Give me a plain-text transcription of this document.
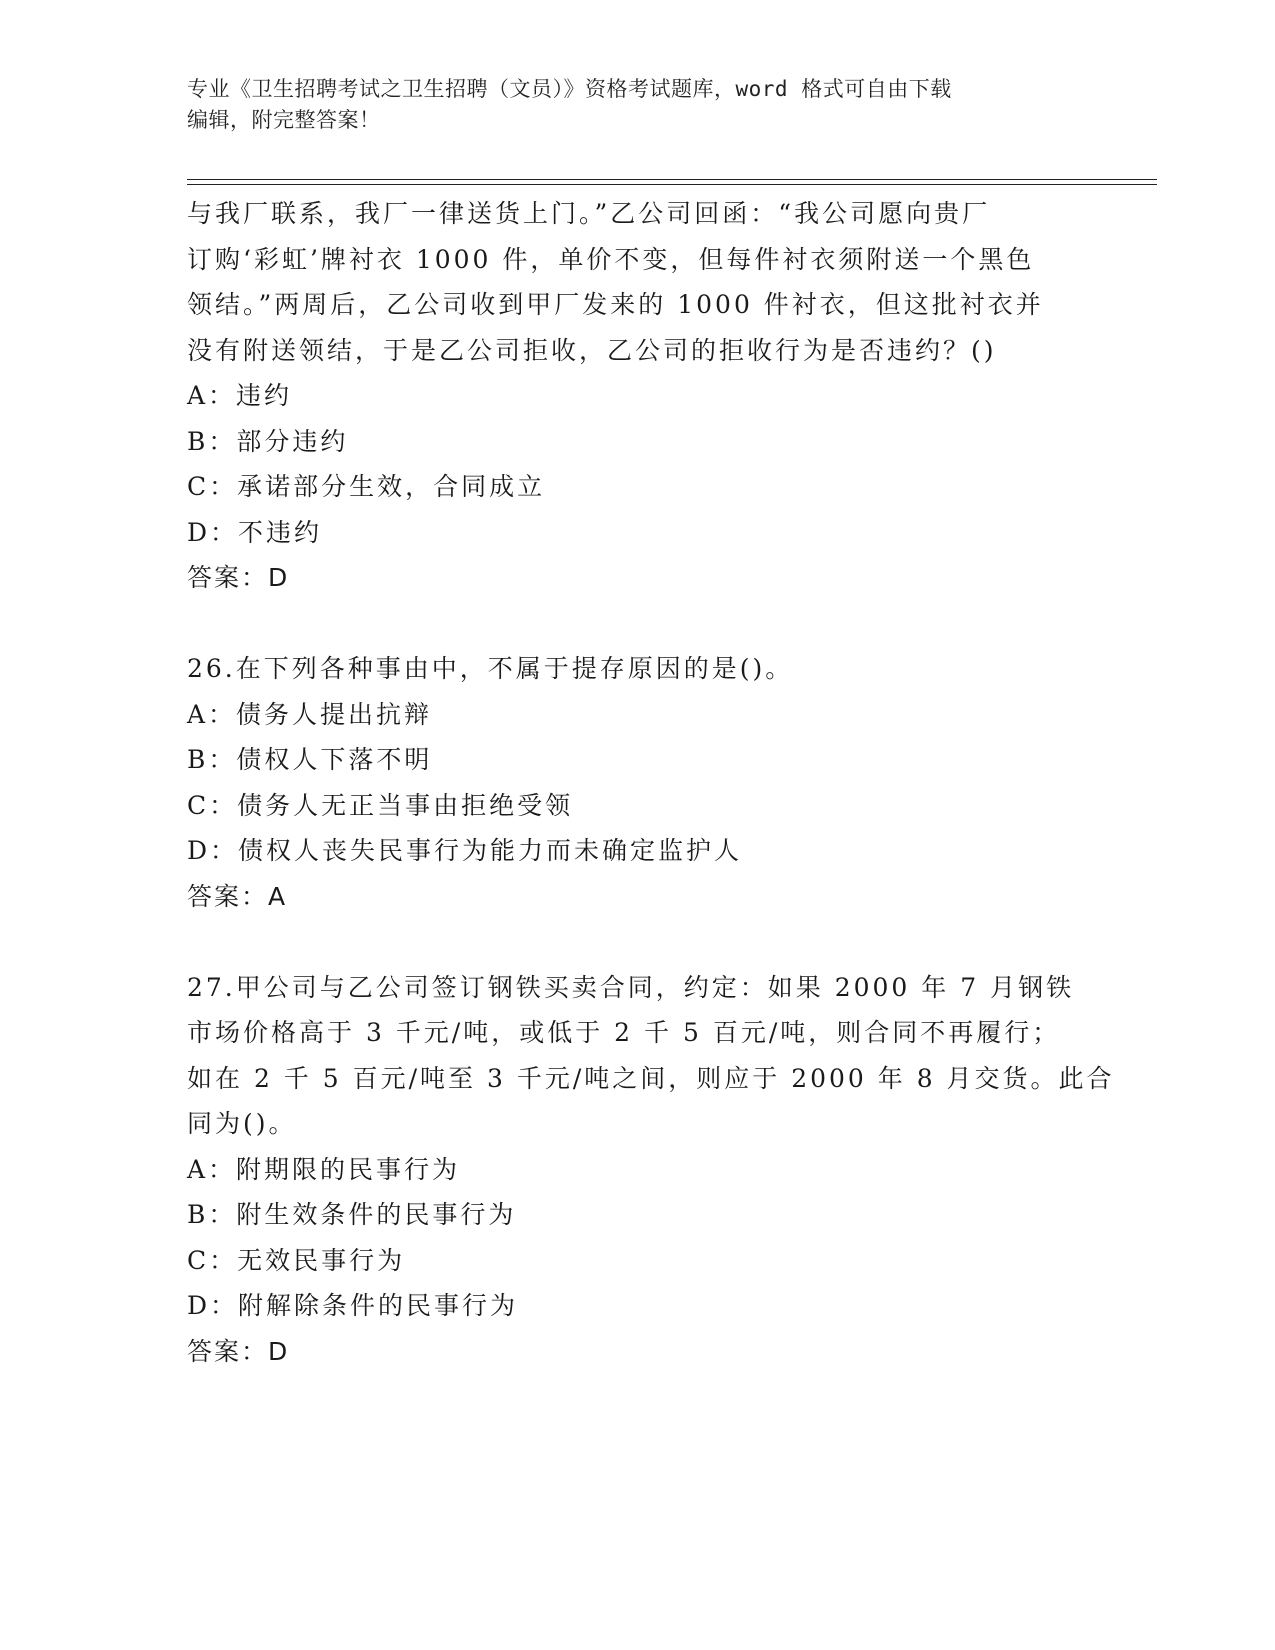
专业《卫生招聘考试之卫生招聘（文员）》资格考试题库，word 格式可自由下载
编辑，附完整答案！
与我厂联系，我厂一律送货上门。”乙公司回函：“我公司愿向贵厂
订购‘彩虹’牌衬衣 1000 件，单价不变，但每件衬衣须附送一个黑色
领结。”两周后，乙公司收到甲厂发来的 1000 件衬衣，但这批衬衣并
没有附送领结，于是乙公司拒收，乙公司的拒收行为是否违约？()
A：违约
B：部分违约
C：承诺部分生效，合同成立
D：不违约
答案：D
26.在下列各种事由中，不属于提存原因的是()。
A：债务人提出抗辩
B：债权人下落不明
C：债务人无正当事由拒绝受领
D：债权人丧失民事行为能力而未确定监护人
答案：A
27.甲公司与乙公司签订钢铁买卖合同，约定：如果 2000 年 7 月钢铁
市场价格高于 3 千元/吨，或低于 2 千 5 百元/吨，则合同不再履行；
如在 2 千 5 百元/吨至 3 千元/吨之间，则应于 2000 年 8 月交货。此合
同为()。
A：附期限的民事行为
B：附生效条件的民事行为
C：无效民事行为
D：附解除条件的民事行为
答案：D
